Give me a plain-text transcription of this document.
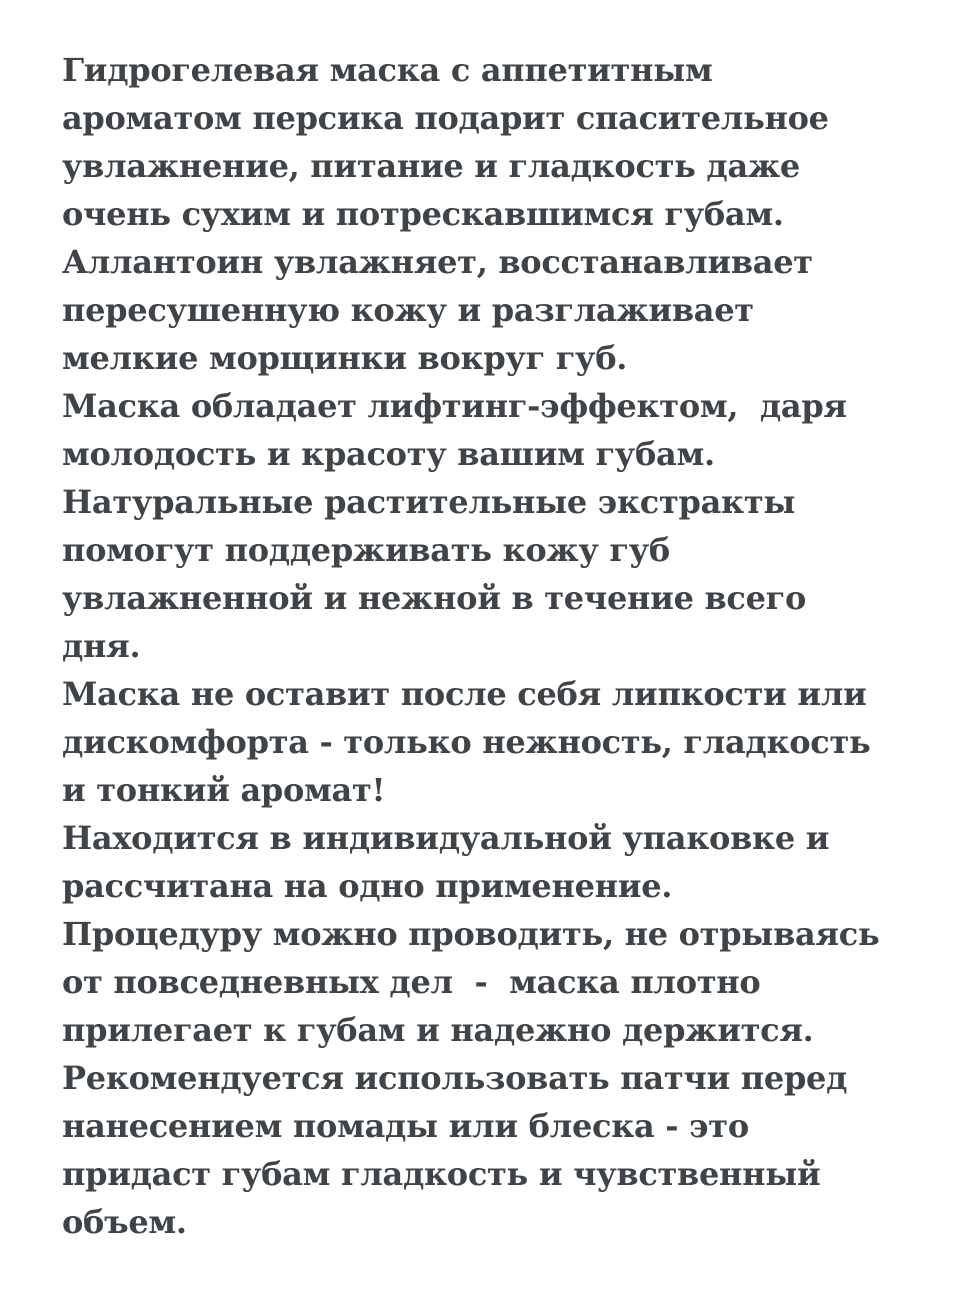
Гидрогелевая маска с аппетитным
ароматом персика подарит спасительное
увлажнение, питание и гладкость даже
очень сухим и потрескавшимся губам.
Аллантоин увлажняет, восстанавливает
пересушенную кожу и разглаживает
мелкие морщинки вокруг губ.
Маска обладает лифтинг-эффектом,  даря
молодость и красоту вашим губам.
Натуральные растительные экстракты
помогут поддерживать кожу губ
увлажненной и нежной в течение всего
дня.
Маска не оставит после себя липкости или
дискомфорта - только нежность, гладкость
и тонкий аромат!
Находится в индивидуальной упаковке и
рассчитана на одно применение.
Процедуру можно проводить, не отрываясь
от повседневных дел  -  маска плотно
прилегает к губам и надежно держится.
Рекомендуется использовать патчи перед
нанесением помады или блеска - это
придаст губам гладкость и чувственный
объем.
